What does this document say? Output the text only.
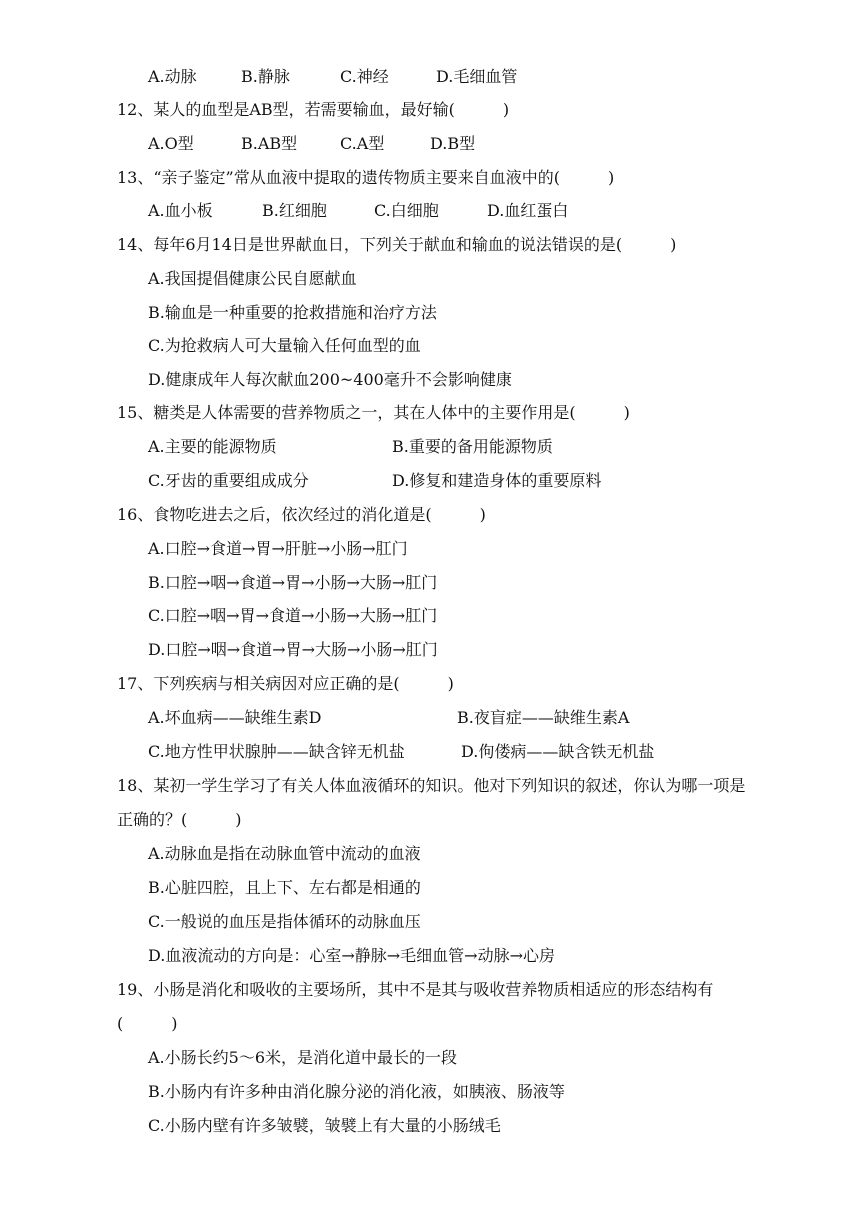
A.动脉	B.静脉	C.神经	D.毛细血管
12、某人的血型是AB型，若需要输血，最好输(　　　)
A.O型	B.AB型	C.A型	D.B型
13、“亲子鉴定”常从血液中提取的遗传物质主要来自血液中的(　　　)
A.血小板	B.红细胞	C.白细胞	D.血红蛋白
14、每年6月14日是世界献血日，下列关于献血和输血的说法错误的是(　　　)
A.我国提倡健康公民自愿献血
B.输血是一种重要的抢救措施和治疗方法
C.为抢救病人可大量输入任何血型的血
D.健康成年人每次献血200~400毫升不会影响健康
15、糖类是人体需要的营养物质之一，其在人体中的主要作用是(　　　)
A.主要的能源物质	B.重要的备用能源物质
C.牙齿的重要组成成分	D.修复和建造身体的重要原料
16、食物吃进去之后，依次经过的消化道是(　　　)
A.口腔→食道→胃→肝脏→小肠→肛门
B.口腔→咽→食道→胃→小肠→大肠→肛门
C.口腔→咽→胃→食道→小肠→大肠→肛门
D.口腔→咽→食道→胃→大肠→小肠→肛门
17、下列疾病与相关病因对应正确的是(　　　)
A.坏血病——缺维生素D	B.夜盲症——缺维生素A
C.地方性甲状腺肿——缺含锌无机盐	D.佝偻病——缺含铁无机盐
18、某初一学生学习了有关人体血液循环的知识。他对下列知识的叙述，你认为哪一项是
正确的？(　　　)
A.动脉血是指在动脉血管中流动的血液
B.心脏四腔，且上下、左右都是相通的
C.一般说的血压是指体循环的动脉血压
D.血液流动的方向是：心室→静脉→毛细血管→动脉→心房
19、小肠是消化和吸收的主要场所，其中不是其与吸收营养物质相适应的形态结构有
(　　　)
A.小肠长约5～6米，是消化道中最长的一段
B.小肠内有许多种由消化腺分泌的消化液，如胰液、肠液等
C.小肠内壁有许多皱襞，皱襞上有大量的小肠绒毛
